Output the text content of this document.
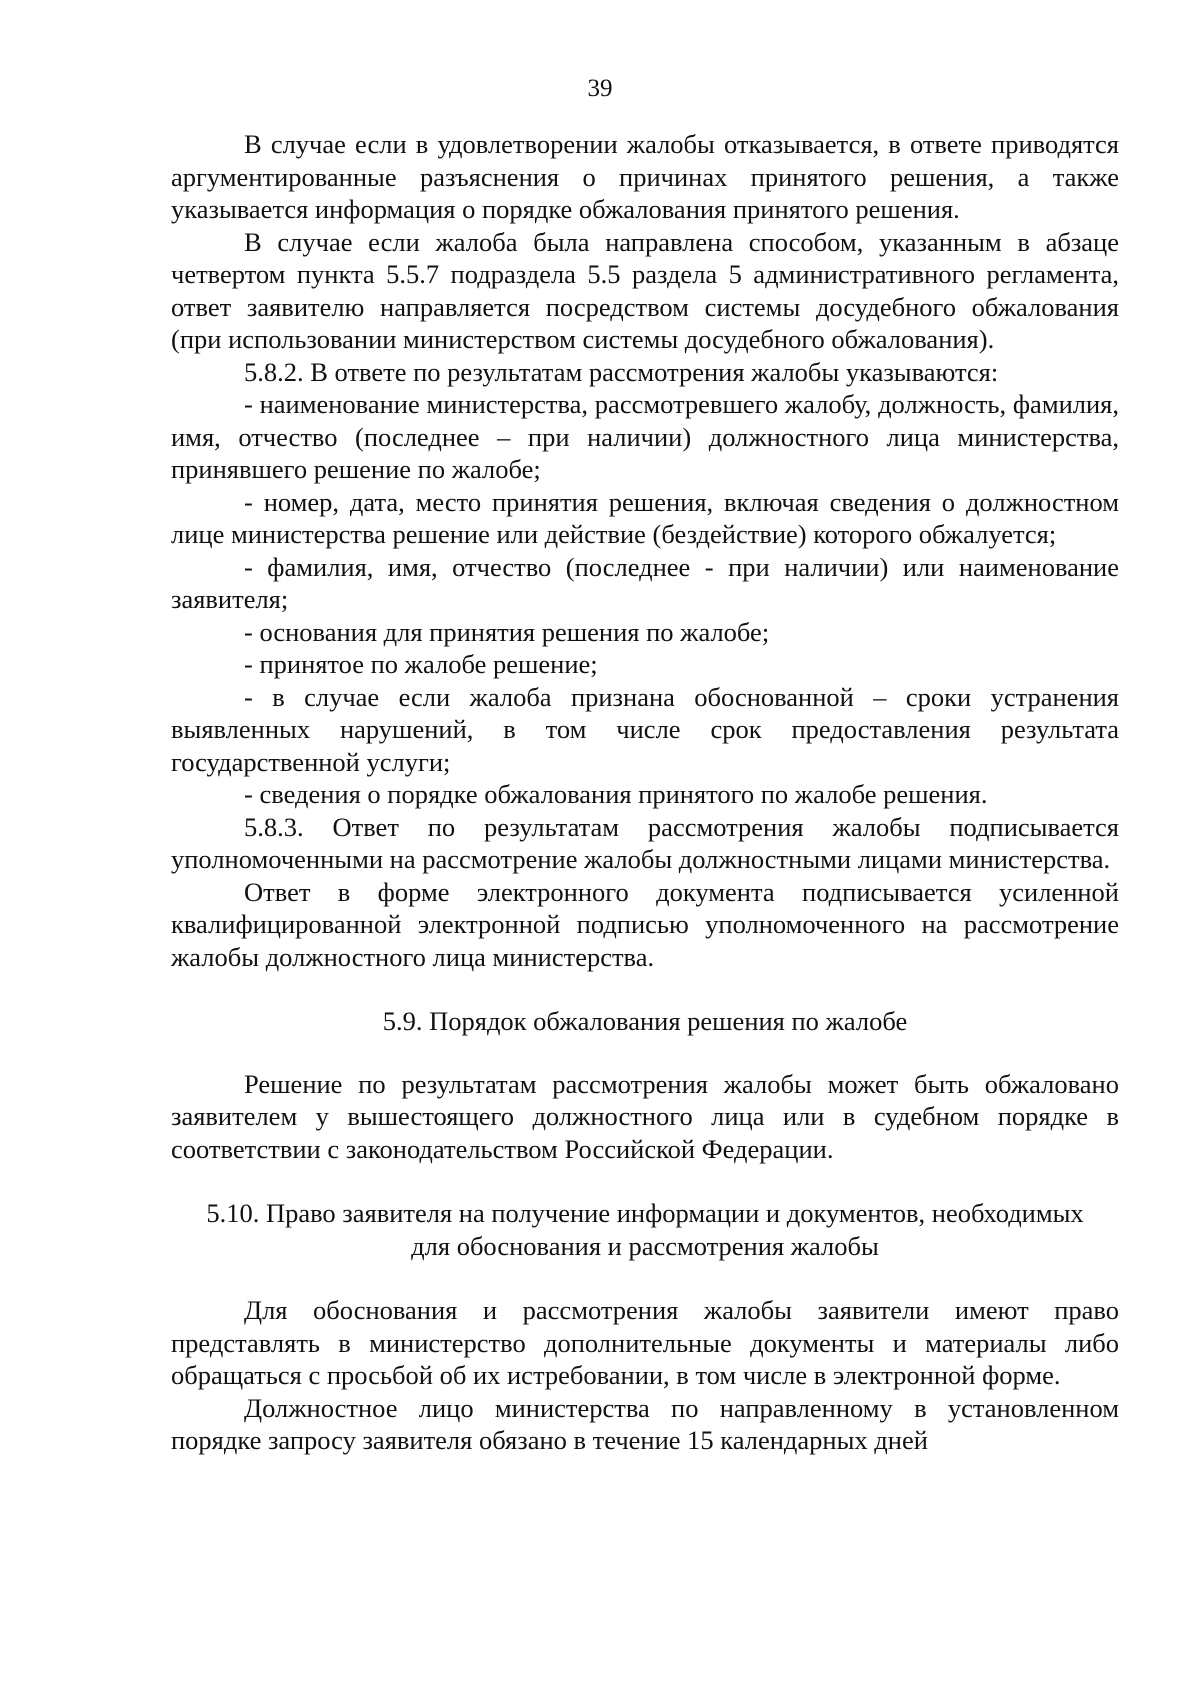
39

В случае если в удовлетворении жалобы отказывается, в ответе приводятся аргументированные разъяснения о причинах принятого решения, а также указывается информация о порядке обжалования принятого решения.

В случае если жалоба была направлена способом, указанным в абзаце четвертом пункта 5.5.7 подраздела 5.5 раздела 5 административного регламента, ответ заявителю направляется посредством системы досудебного обжалования (при использовании министерством системы досудебного обжалования).

5.8.2. В ответе по результатам рассмотрения жалобы указываются:

- наименование министерства, рассмотревшего жалобу, должность, фамилия, имя, отчество (последнее – при наличии) должностного лица министерства, принявшего решение по жалобе;

- номер, дата, место принятия решения, включая сведения о должностном лице министерства решение или действие (бездействие) которого обжалуется;

- фамилия, имя, отчество (последнее - при наличии) или наименование заявителя;

- основания для принятия решения по жалобе;

- принятое по жалобе решение;

- в случае если жалоба признана обоснованной – сроки устранения выявленных нарушений, в том числе срок предоставления результата государственной услуги;

- сведения о порядке обжалования принятого по жалобе решения.

5.8.3. Ответ по результатам рассмотрения жалобы подписывается уполномоченными на рассмотрение жалобы должностными лицами министерства.

Ответ в форме электронного документа подписывается усиленной квалифицированной электронной подписью уполномоченного на рассмотрение жалобы должностного лица министерства.

5.9. Порядок обжалования решения по жалобе

Решение по результатам рассмотрения жалобы может быть обжаловано заявителем у вышестоящего должностного лица или в судебном порядке в соответствии с законодательством Российской Федерации.

5.10. Право заявителя на получение информации и документов, необходимых
для обоснования и рассмотрения жалобы

Для обоснования и рассмотрения жалобы заявители имеют право представлять в министерство дополнительные документы и материалы либо обращаться с просьбой об их истребовании, в том числе в электронной форме.

Должностное лицо министерства по направленному в установленном порядке запросу заявителя обязано в течение 15 календарных дней
